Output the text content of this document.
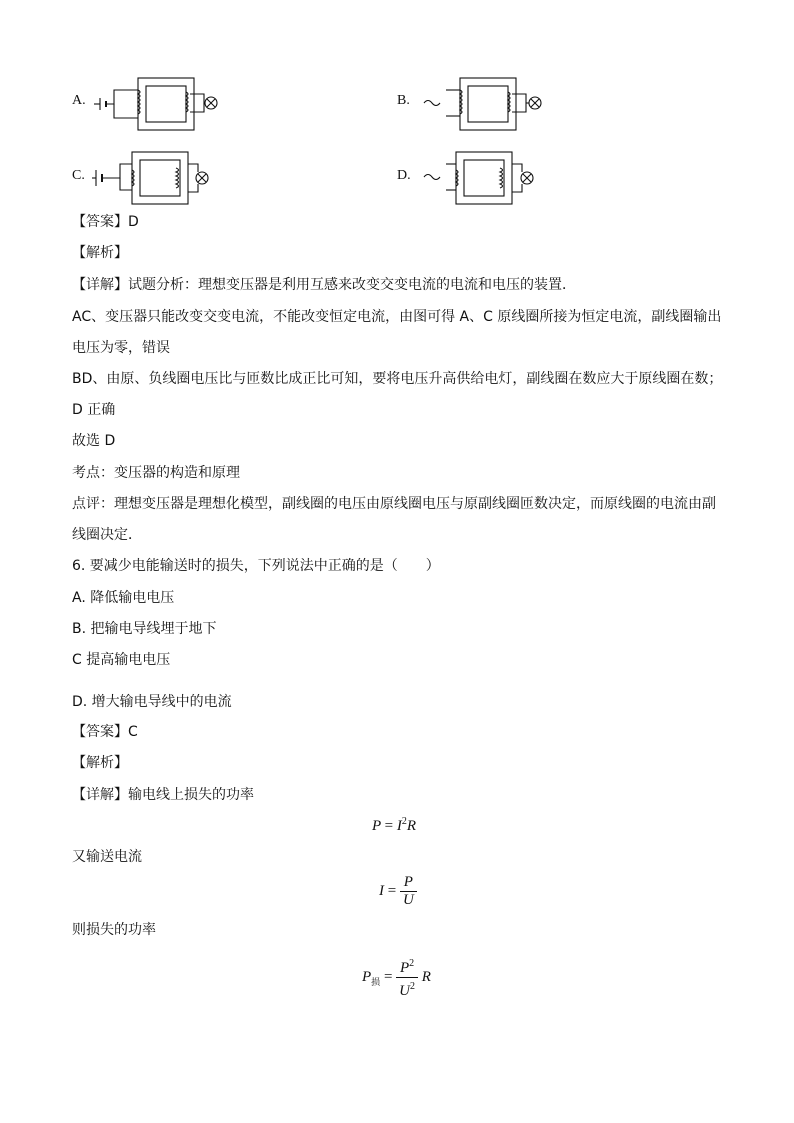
A.	B.
C.	D.
【答案】D
【解析】
【详解】试题分析：理想变压器是利用互感来改变交变电流的电流和电压的装置．
AC、变压器只能改变交变电流，不能改变恒定电流，由图可得 A、C 原线圈所接为恒定电流，副线圈输出
电压为零，错误
BD、由原、负线圈电压比与匝数比成正比可知，要将电压升高供给电灯，副线圈在数应大于原线圈在数；
D 正确
故选 D
考点：变压器的构造和原理
点评：理想变压器是理想化模型，副线圈的电压由原线圈电压与原副线圈匝数决定，而原线圈的电流由副
线圈决定．
6. 要减少电能输送时的损失，下列说法中正确的是（　　）
A. 降低输电电压
B. 把输电导线埋于地下
C 提高输电电压
D. 增大输电导线中的电流
【答案】C
【解析】
【详解】输电线上损失的功率
$P = I^2R$
又输送电流
$I = \frac{P}{U}$
则损失的功率
$P_损 = \frac{P^2}{U^2}$ R
